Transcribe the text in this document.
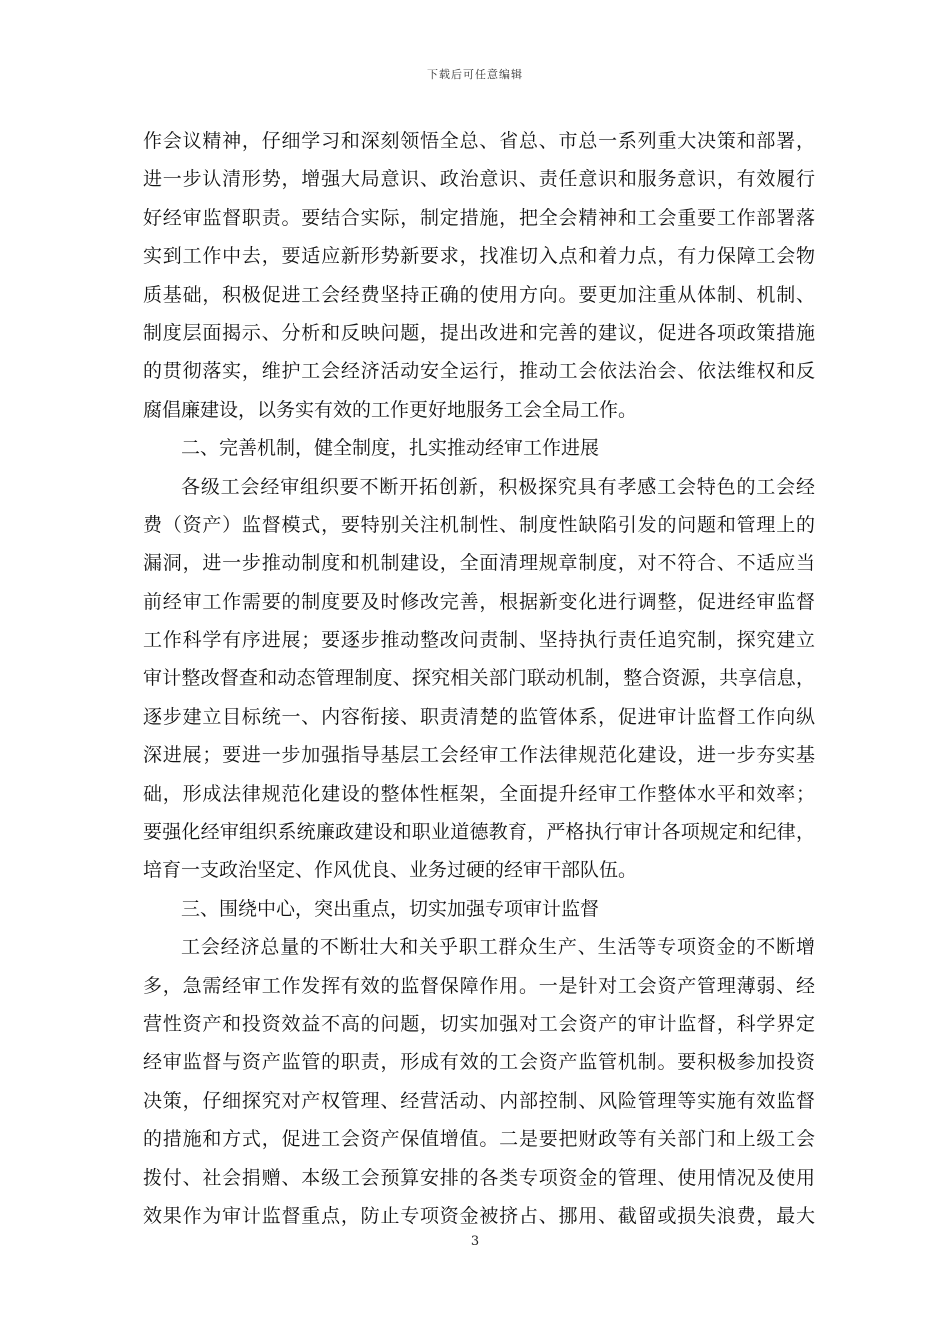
下载后可任意编辑
作会议精神，仔细学习和深刻领悟全总、省总、市总一系列重大决策和部署，
进一步认清形势，增强大局意识、政治意识、责任意识和服务意识，有效履行
好经审监督职责。要结合实际，制定措施，把全会精神和工会重要工作部署落
实到工作中去，要适应新形势新要求，找准切入点和着力点，有力保障工会物
质基础，积极促进工会经费坚持正确的使用方向。要更加注重从体制、机制、
制度层面揭示、分析和反映问题，提出改进和完善的建议，促进各项政策措施
的贯彻落实，维护工会经济活动安全运行，推动工会依法治会、依法维权和反
腐倡廉建设，以务实有效的工作更好地服务工会全局工作。
二、完善机制，健全制度，扎实推动经审工作进展
各级工会经审组织要不断开拓创新，积极探究具有孝感工会特色的工会经
费（资产）监督模式，要特别关注机制性、制度性缺陷引发的问题和管理上的
漏洞，进一步推动制度和机制建设，全面清理规章制度，对不符合、不适应当
前经审工作需要的制度要及时修改完善，根据新变化进行调整，促进经审监督
工作科学有序进展；要逐步推动整改问责制、坚持执行责任追究制，探究建立
审计整改督查和动态管理制度、探究相关部门联动机制，整合资源，共享信息，
逐步建立目标统一、内容衔接、职责清楚的监管体系，促进审计监督工作向纵
深进展；要进一步加强指导基层工会经审工作法律规范化建设，进一步夯实基
础，形成法律规范化建设的整体性框架，全面提升经审工作整体水平和效率；
要强化经审组织系统廉政建设和职业道德教育，严格执行审计各项规定和纪律，
培育一支政治坚定、作风优良、业务过硬的经审干部队伍。
三、围绕中心，突出重点，切实加强专项审计监督
工会经济总量的不断壮大和关乎职工群众生产、生活等专项资金的不断增
多，急需经审工作发挥有效的监督保障作用。一是针对工会资产管理薄弱、经
营性资产和投资效益不高的问题，切实加强对工会资产的审计监督，科学界定
经审监督与资产监管的职责，形成有效的工会资产监管机制。要积极参加投资
决策，仔细探究对产权管理、经营活动、内部控制、风险管理等实施有效监督
的措施和方式，促进工会资产保值增值。二是要把财政等有关部门和上级工会
拨付、社会捐赠、本级工会预算安排的各类专项资金的管理、使用情况及使用
效果作为审计监督重点，防止专项资金被挤占、挪用、截留或损失浪费，最大
3
